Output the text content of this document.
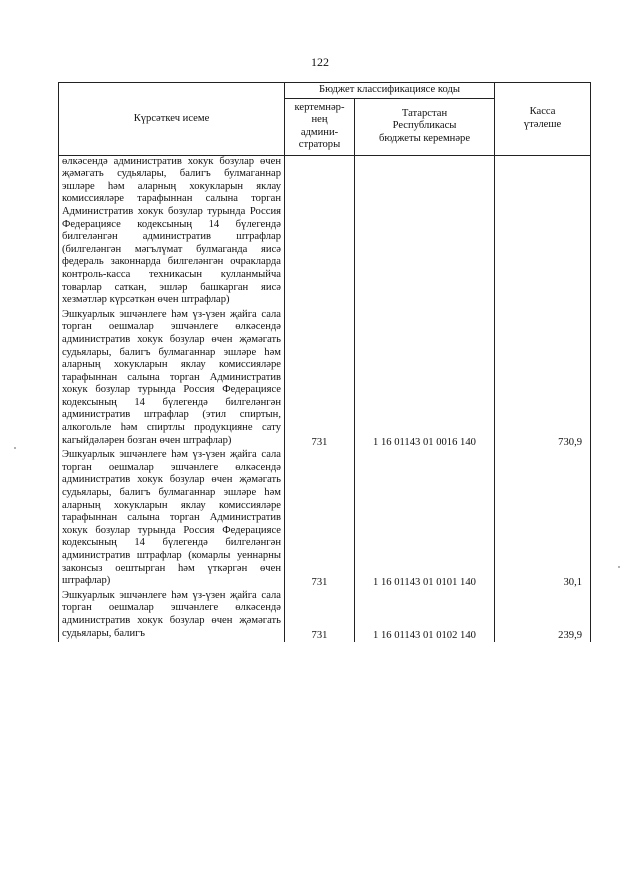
122
Күрсәткеч исеме	Бюджет классификациясе коды		Касса
үтәлеше
	кертемнәр-
нең
админи-
страторы	Татарстан
Республикасы
бюджеты керемнәре	

өлкәсендә административ хокук бозулар өчен җәмәгать судьялары, балигъ булмаганнар эшләре һәм аларның хокукларын яклау комиссияләре тарафыннан салына торган Административ хокук бозулар турында Россия Федерациясе кодексының 14 бүлегендә билгеләнгән административ штрафлар (билгеләнгән мәгълүмат булмаганда яисә федераль законнарда билгеләнгән очракларда контроль-касса техникасын кулланмыйча товарлар саткан, эшләр башкарган яисә хезмәтләр күрсәткән өчен штрафлар)			

Эшкуарлык эшчәнлеге һәм үз-үзен җайга сала торган оешмалар эшчәнлеге өлкәсендә административ хокук бозулар өчен җәмәгать судьялары, балигъ булмаганнар эшләре һәм аларның хокукларын яклау комиссияләре тарафыннан салына торган Административ хокук бозулар турында Россия Федерациясе кодексының 14 бүлегендә билгеләнгән административ штрафлар (этил спиртын, алкогольле һәм спиртлы продукцияне сату кагыйдәләрен бозган өчен штрафлар)	731	1 16 01143 01 0016 140	730,9

Эшкуарлык эшчәнлеге һәм үз-үзен җайга сала торган оешмалар эшчәнлеге өлкәсендә административ хокук бозулар өчен җәмәгать судьялары, балигъ булмаганнар эшләре һәм аларның хокукларын яклау комиссияләре тарафыннан салына торган Административ хокук бозулар турында Россия Федерациясе кодексының 14 бүлегендә билгеләнгән административ штрафлар (комарлы уеннарны законсыз оештырган һәм үткәргән өчен штрафлар)	731	1 16 01143 01 0101 140	30,1

Эшкуарлык эшчәнлеге һәм үз-үзен җайга сала торган оешмалар эшчәнлеге өлкәсендә административ хокук бозулар өчен җәмәгать судьялары, балигъ	731	1 16 01143 01 0102 140	239,9
